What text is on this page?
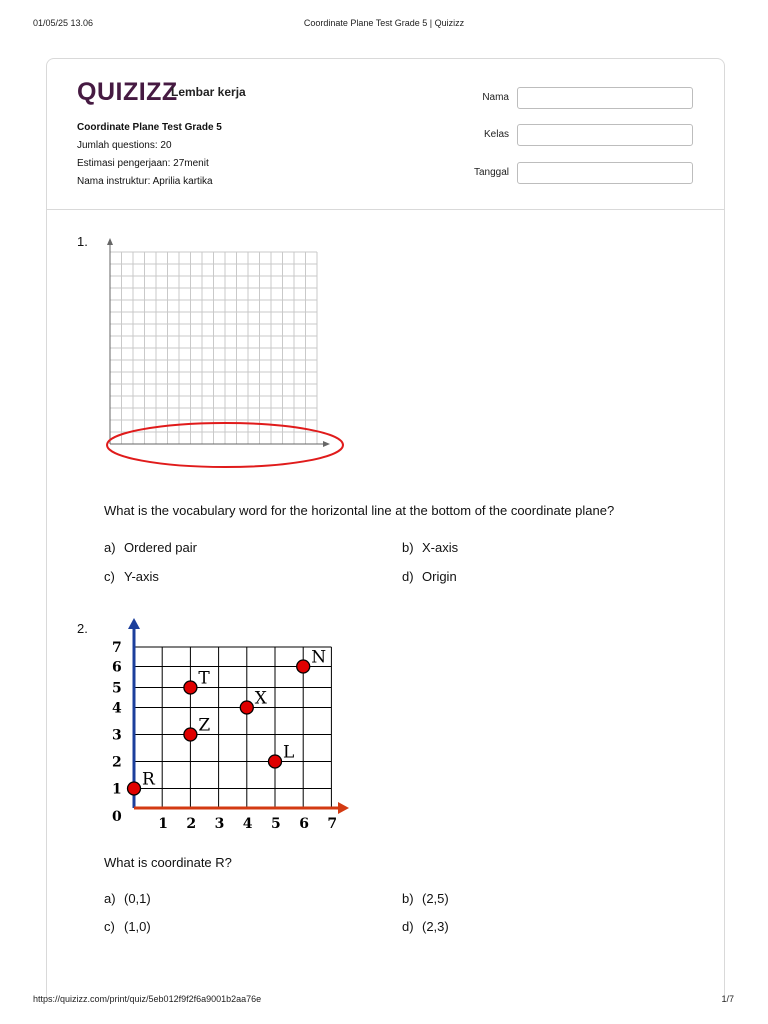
01/05/25 13.06	Coordinate Plane Test Grade 5 | Quizizz
QUIZIZZ
Lembar kerja
Coordinate Plane Test Grade 5
Jumlah questions: 20
Estimasi pengerjaan: 27menit
Nama instruktur: Aprilia kartika
Nama
Kelas
Tanggal
1.
What is the vocabulary word for the horizontal line at the bottom of the coordinate plane?
a) Ordered pair	b) X-axis
c) Y-axis	d) Origin
2.
1
2
3
4
5
6
7
0	1 2 3 4 5 6 7
R
T
Z
X
L
N
What is coordinate R?
a) (0,1)	b) (2,5)
c) (1,0)	d) (2,3)
https://quizizz.com/print/quiz/5eb012f9f2f6a9001b2aa76e	1/7
